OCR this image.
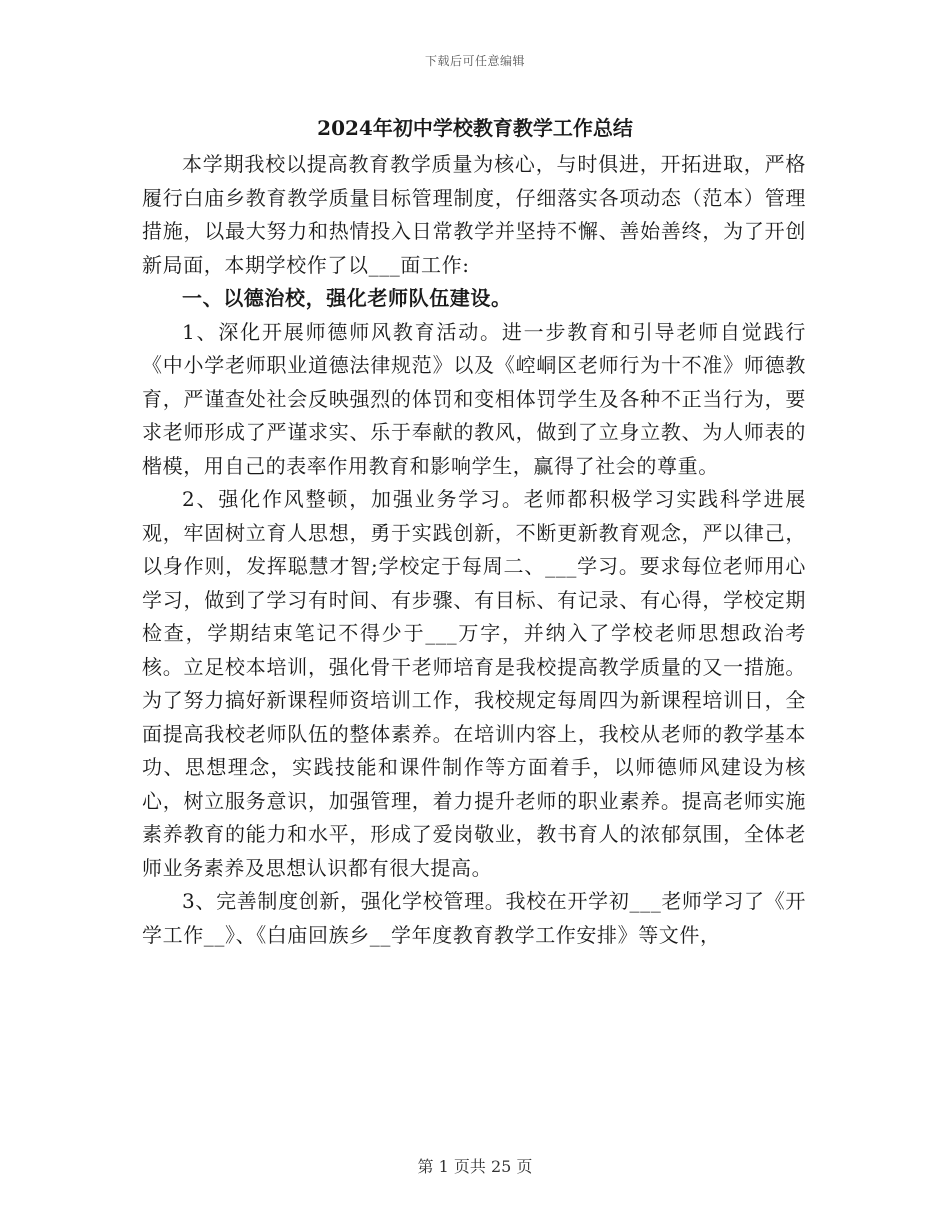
下载后可任意编辑
2024年初中学校教育教学工作总结

本学期我校以提高教育教学质量为核心，与时俱进，开拓进取，严格履行白庙乡教育教学质量目标管理制度，仔细落实各项动态（范本）管理措施，以最大努力和热情投入日常教学并坚持不懈、善始善终，为了开创新局面，本期学校作了以___面工作:

一、以德治校，强化老师队伍建设。

1、深化开展师德师风教育活动。进一步教育和引导老师自觉践行《中小学老师职业道德法律规范》以及《崆峒区老师行为十不准》师德教育，严谨查处社会反映强烈的体罚和变相体罚学生及各种不正当行为，要求老师形成了严谨求实、乐于奉献的教风，做到了立身立教、为人师表的楷模，用自己的表率作用教育和影响学生，赢得了社会的尊重。

2、强化作风整顿，加强业务学习。老师都积极学习实践科学进展观，牢固树立育人思想，勇于实践创新，不断更新教育观念，严以律己，以身作则，发挥聪慧才智;学校定于每周二、___学习。要求每位老师用心学习，做到了学习有时间、有步骤、有目标、有记录、有心得，学校定期检查，学期结束笔记不得少于___万字，并纳入了学校老师思想政治考核。立足校本培训，强化骨干老师培育是我校提高教学质量的又一措施。为了努力搞好新课程师资培训工作，我校规定每周四为新课程培训日，全面提高我校老师队伍的整体素养。在培训内容上，我校从老师的教学基本功、思想理念，实践技能和课件制作等方面着手，以师德师风建设为核心，树立服务意识，加强管理，着力提升老师的职业素养。提高老师实施素养教育的能力和水平，形成了爱岗敬业，教书育人的浓郁氛围，全体老师业务素养及思想认识都有很大提高。

3、完善制度创新，强化学校管理。我校在开学初___老师学习了《开学工作__》、《白庙回族乡__学年度教育教学工作安排》等文件，

第 1 页共 25 页
